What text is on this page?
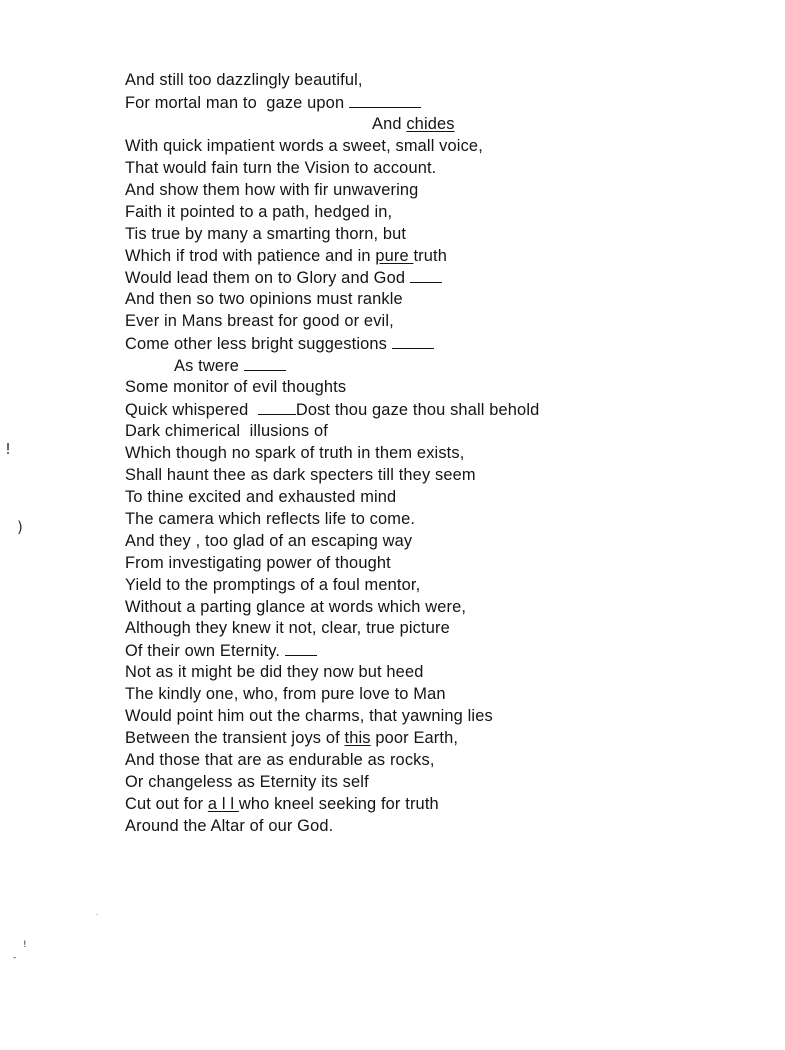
And still too dazzlingly beautiful,
For mortal man to  gaze upon
And chides
With quick impatient words a sweet, small voice,
That would fain turn the Vision to account.
And show them how with fir unwavering
Faith it pointed to a path, hedged in,
Tis true by many a smarting thorn, but
Which if trod with patience and in pure truth
Would lead them on to Glory and God
And then so two opinions must rankle
Ever in Mans breast for good or evil,
Come other less bright suggestions
As twere
Some monitor of evil thoughts
Quick whispered  Dost thou gaze thou shall behold
Dark chimerical  illusions of
Which though no spark of truth in them exists,
Shall haunt thee as dark specters till they seem
To thine excited and exhausted mind
The camera which reflects life to come.
And they , too glad of an escaping way
From investigating power of thought
Yield to the promptings of a foul mentor,
Without a parting glance at words which were,
Although they knew it not, clear, true picture
Of their own Eternity.
Not as it might be did they now but heed
The kindly one, who, from pure love to Man
Would point him out the charms, that yawning lies
Between the transient joys of this poor Earth,
And those that are as endurable as rocks,
Or changeless as Eternity its self
Cut out for a l l who kneel seeking for truth
Around the Altar of our God.
!
)
.
!
-
